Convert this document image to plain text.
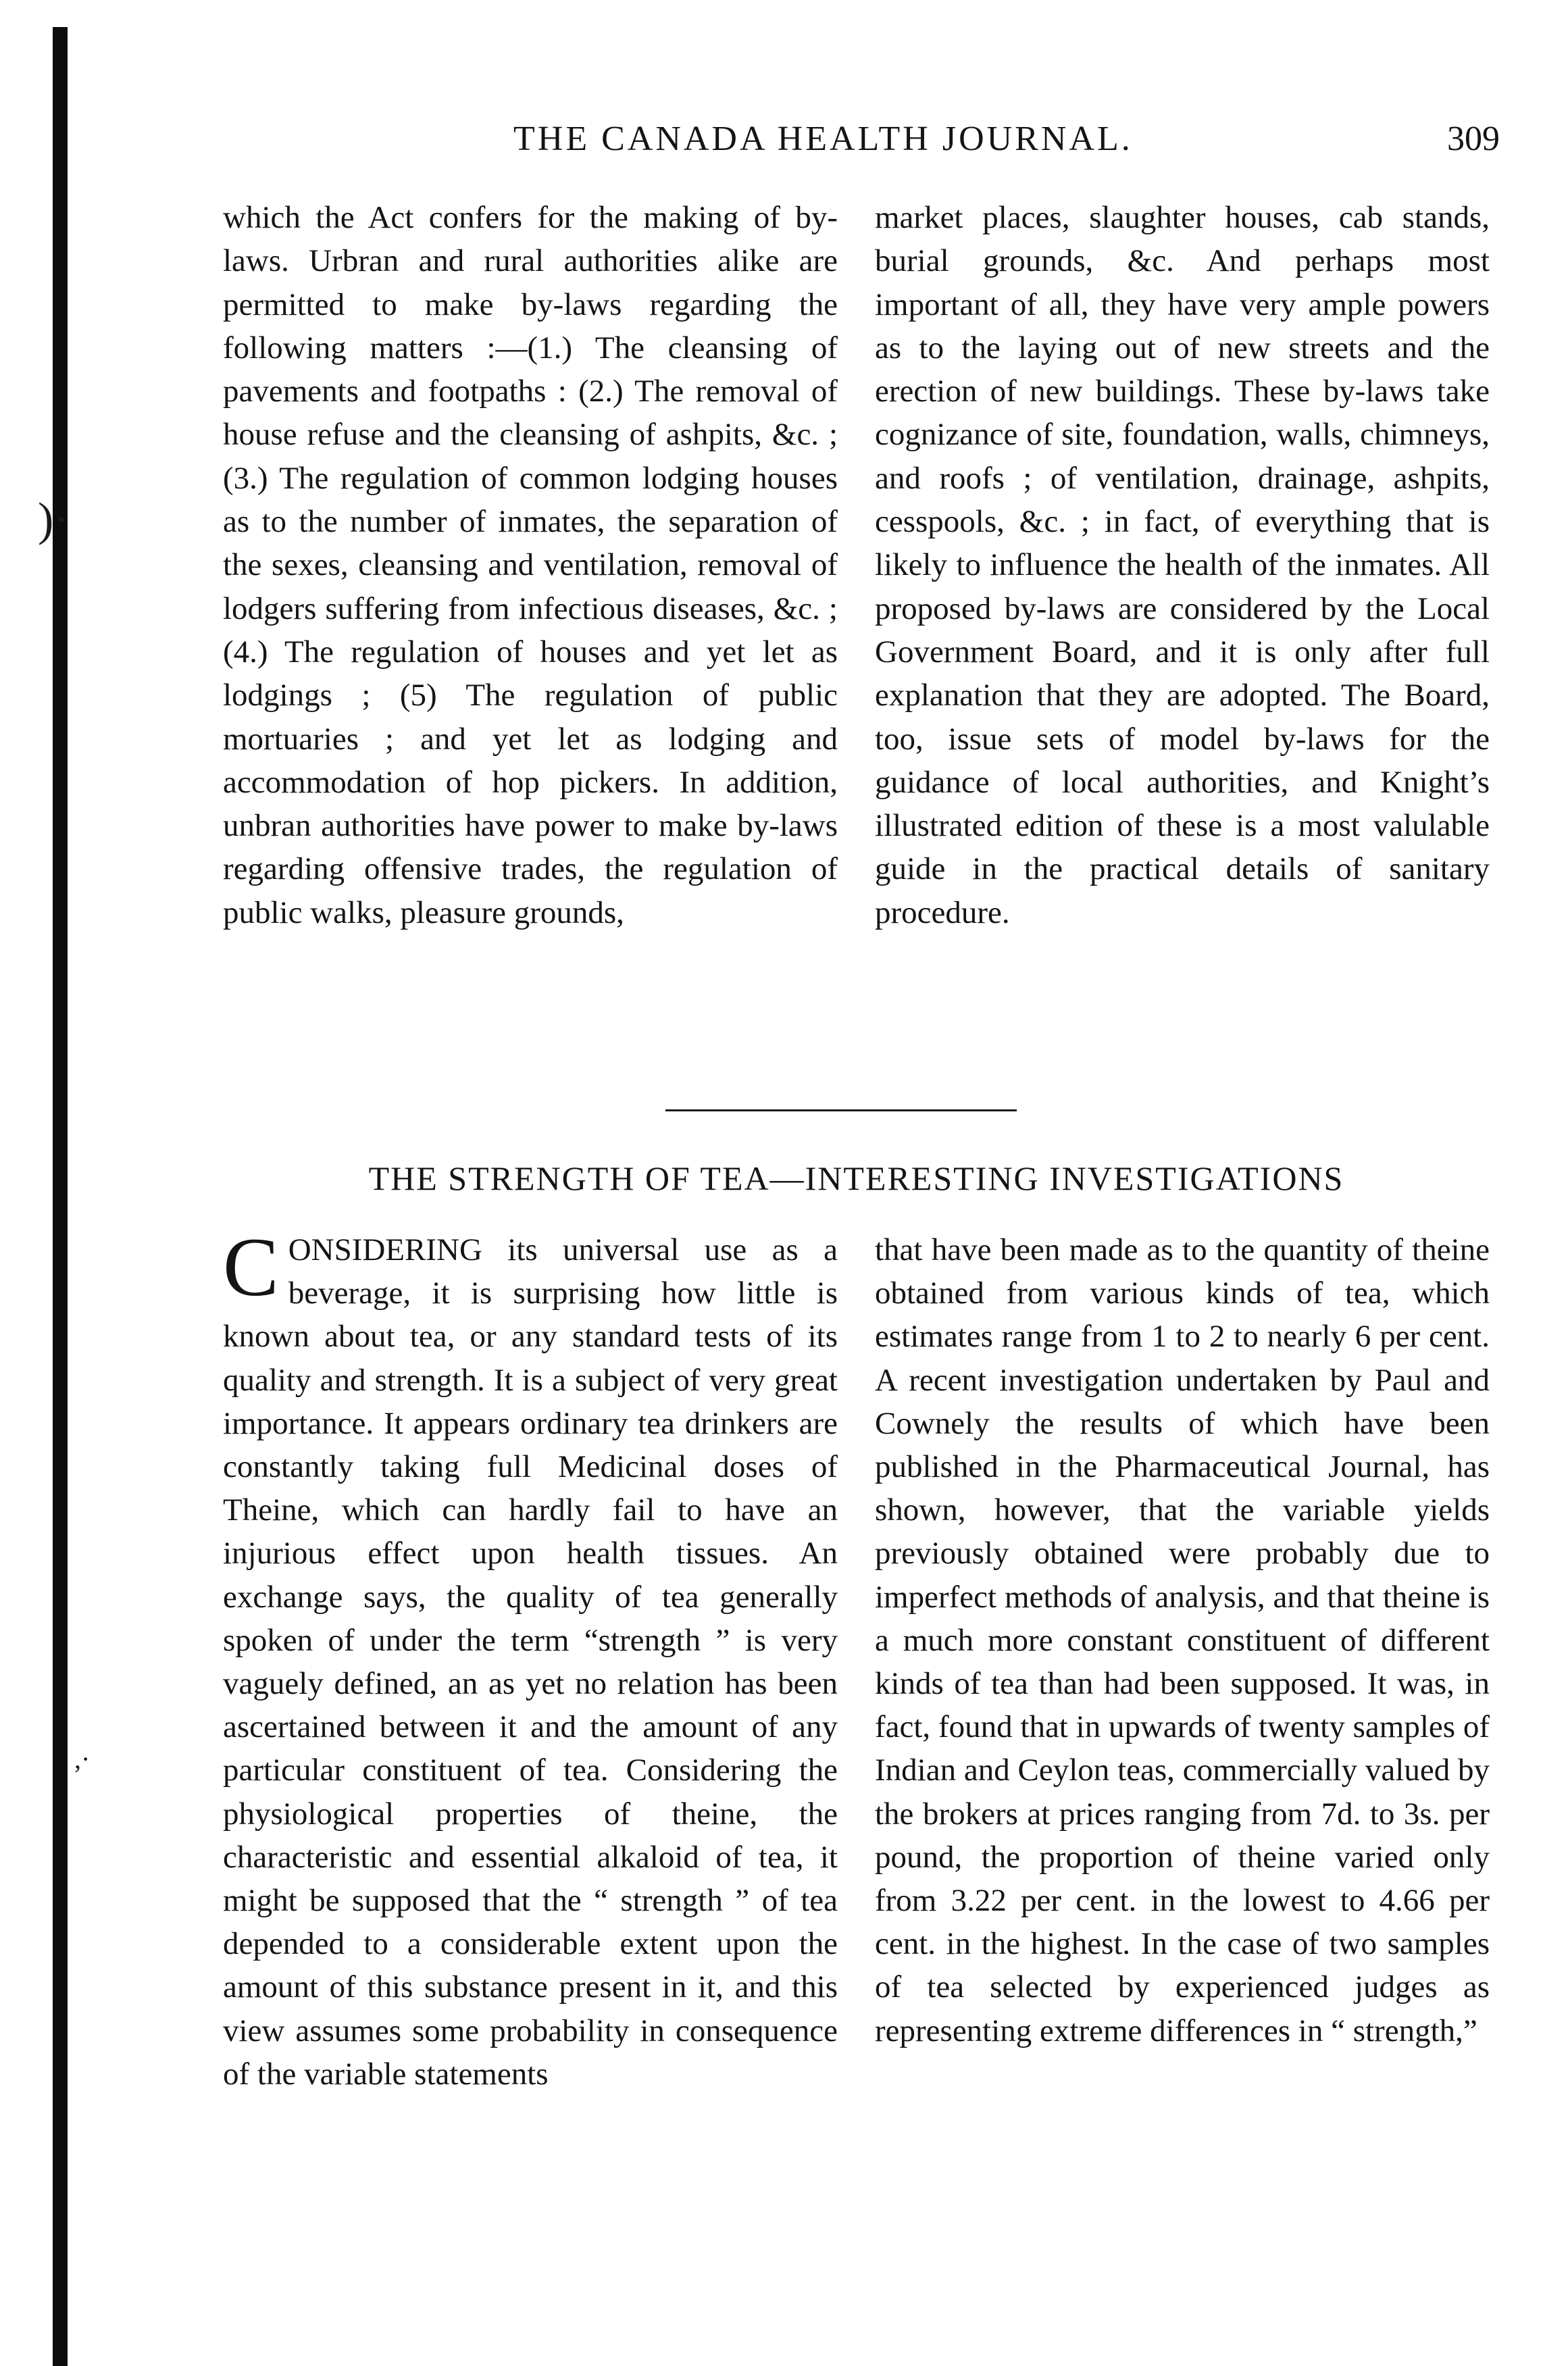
)·
,·
THE CANADA HEALTH JOURNAL.	309

which the Act confers for the making of by-laws. Urbran and rural authorities alike are permitted to make by-laws regarding the following matters :—(1.) The cleansing of pavements and footpaths : (2.) The removal of house refuse and the cleansing of ashpits, &c. ; (3.) The regulation of common lodging houses as to the number of inmates, the separation of the sexes, cleansing and ventilation, removal of lodgers suffering from infectious diseases, &c. ; (4.) The regulation of houses and yet let as lodgings ; (5) The regulation of public mortuaries ; and yet let as lodging and accommodation of hop pickers. In addition, unbran authorities have power to make by-laws regarding offensive trades, the regulation of public walks, pleasure grounds,

market places, slaughter houses, cab stands, burial grounds, &c. And perhaps most important of all, they have very ample powers as to the laying out of new streets and the erection of new buildings. These by-laws take cognizance of site, foundation, walls, chimneys, and roofs ; of ventilation, drainage, ashpits, cesspools, &c. ; in fact, of everything that is likely to influence the health of the inmates. All proposed by-laws are considered by the Local Government Board, and it is only after full explanation that they are adopted. The Board, too, issue sets of model by-laws for the guidance of local authorities, and Knight’s illustrated edition of these is a most valulable guide in the practical details of sanitary procedure.

THE STRENGTH OF TEA—INTERESTING INVESTIGATIONS

CONSIDERING its universal use as a beverage, it is surprising how little is known about tea, or any standard tests of its quality and strength. It is a subject of very great importance. It appears ordinary tea drinkers are constantly taking full Medicinal doses of Theine, which can hardly fail to have an injurious effect upon health tissues. An exchange says, the quality of tea generally spoken of under the term “strength ” is very vaguely defined, an as yet no relation has been ascertained between it and the amount of any particular constituent of tea. Considering the physiological properties of theine, the characteristic and essential alkaloid of tea, it might be supposed that the “ strength ” of tea depended to a considerable extent upon the amount of this substance present in it, and this view assumes some probability in consequence of the variable statements

that have been made as to the quantity of theine obtained from various kinds of tea, which estimates range from 1 to 2 to nearly 6 per cent. A recent investigation undertaken by Paul and Cownely the results of which have been published in the Pharmaceutical Journal, has shown, however, that the variable yields previously obtained were probably due to imperfect methods of analysis, and that theine is a much more constant constituent of different kinds of tea than had been supposed. It was, in fact, found that in upwards of twenty samples of Indian and Ceylon teas, commercially valued by the brokers at prices ranging from 7d. to 3s. per pound, the proportion of theine varied only from 3.22 per cent. in the lowest to 4.66 per cent. in the highest. In the case of two samples of tea selected by experienced judges as representing extreme differences in “ strength,”
